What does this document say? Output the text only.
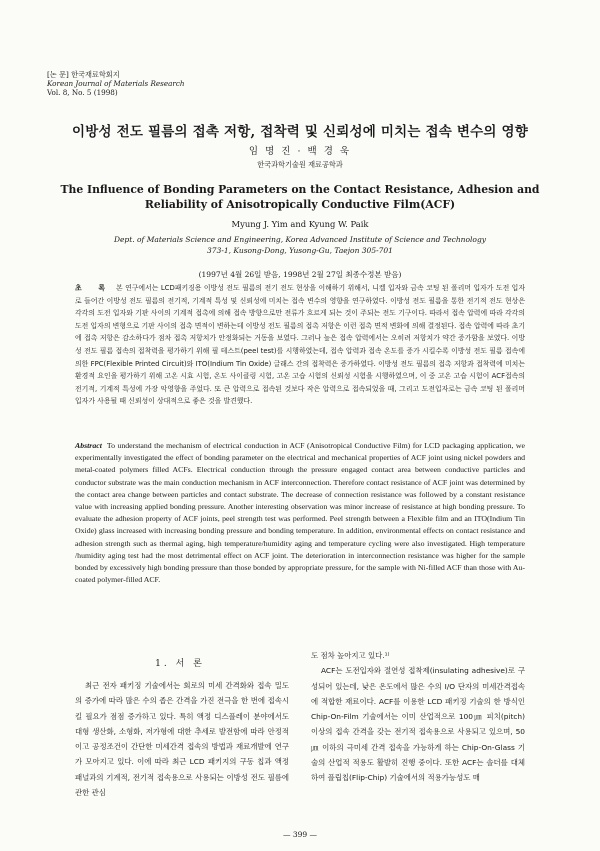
[논 문] 한국재료학회지
Korean Journal of Materials Research
Vol. 8, No. 5 (1998)
이방성 전도 필름의 접촉 저항, 접착력 및 신뢰성에 미치는 접속 변수의 영향
임 명 진 · 백 경 욱
한국과학기술원 재료공학과
The Influence of Bonding Parameters on the Contact Resistance, Adhesion and Reliability of Anisotropically Conductive Film(ACF)
Myung J. Yim and Kyung W. Paik
Dept. of Materials Science and Engineering, Korea Advanced Institute of Science and Technology
373-1, Kusong-Dong, Yusong-Gu, Taejon 305-701
(1997년 4월 26일 받음, 1998년 2월 27일 최종수정본 받음)
초 록 본 연구에서는 LCD패키징용 이방성 전도 필름의 전기 전도 현상을 이해하기 위해서, 니켈 입자와 금속 코팅 된 폴리머 입자가 도전 입자로 들어간 이방성 전도 필름의 전기적, 기계적 특성 및 신뢰성에 미치는 접속 변수의 영향을 연구하였다. 이방성 전도 필름을 통한 전기적 전도 현상은 각각의 도전 입자와 기판 사이의 기계적 접촉에 의해 접속 방향으로만 전류가 흐르게 되는 것이 주되는 전도 기구이다. 따라서 접속 압력에 따라 각각의 도전 입자의 변형으로 기판 사이의 접촉 면적이 변하는데 이방성 전도 필름의 접촉 저항은 이런 접촉 면적 변화에 의해 결정된다. 접속 압력에 따라 초기에 접촉 저항은 감소하다가 점차 접촉 저항치가 안정화되는 거동을 보였다. 그러나 높은 접속 압력에서는 오히려 저항치가 약간 증가함을 보였다. 이방성 전도 필름 접속의 접착력을 평가하기 위해 필 테스트(peel test)를 시행하였는데, 접속 압력과 접속 온도를 증가 시킬수록 이방성 전도 필름 접속에 의한 FPC(Flexible Printed Circuit)와 ITO(Indium Tin Oxide) 글래스 간의 접착력은 증가하였다. 이방성 전도 필름의 접촉 저항과 접착력에 미치는 환경적 요인을 평가하기 위해 고온 시효 시험, 온도 사이클링 시험, 고온 고습 시험의 신뢰성 시험을 시행하였으며, 이 중 고온 고습 시험이 ACF접속의 전기적, 기계적 특성에 가장 악영향을 주었다. 또 큰 압력으로 접속된 것보다 작은 압력으로 접속되었을 때, 그리고 도전입자로는 금속 코팅 된 폴리머 입자가 사용될 때 신뢰성이 상대적으로 좋은 것을 발견했다.
Abstract To understand the mechanism of electrical conduction in ACF (Anisotropical Conductive Film) for LCD packaging application, we experimentally investigated the effect of bonding parameter on the electrical and mechanical properties of ACF joint using nickel powders and metal-coated polymers filled ACFs. Electrical conduction through the pressure engaged contact area between conductive particles and conductor substrate was the main conduction mechanism in ACF interconnection. Therefore contact resistance of ACF joint was determined by the contact area change between particles and contact substrate. The decrease of connection resistance was followed by a constant resistance value with increasing applied bonding pressure. Another interesting observation was minor increase of resistance at high bonding pressure. To evaluate the adhesion property of ACF joints, peel strength test was performed. Peel strength between a Flexible film and an ITO(Indium Tin Oxide) glass increased with increasing bonding pressure and bonding temperature. In addition, environmental effects on contact resistance and adhesion strength such as thermal aging, high temperature/humidity aging and temperature cycling were also investigated. High temperature /humidity aging test had the most detrimental effect on ACF joint. The deterioration in interconnection resistance was higher for the sample bonded by excessively high bonding pressure than those bonded by appropriate pressure, for the sample with Ni-filled ACF than those with Au-coated polymer-filled ACF.
1. 서 론
최근 전자 패키징 기술에서는 회로의 미세 간격화와 접속 밀도의 증가에 따라 많은 수의 좁은 간격을 가진 전극을 한 번에 접속시킬 필요가 점점 증가하고 있다. 특히 액정 디스플레이 분야에서도 대형 생산화, 소형화, 저가형에 대한 추세로 발전함에 따라 안정적이고 공정조건이 간단한 미세간격 접속의 방법과 재료개발에 연구가 모아지고 있다. 이에 따라 최근 LCD 패키지의 구동 칩과 액정 패널과의 기계적, 전기적 접속용으로 사용되는 이방성 전도 필름에 관한 관심
도 점차 높아지고 있다.¹⁾
ACF는 도전입자와 절연성 접착제(insulating adhesive)로 구성되어 있는데, 낮은 온도에서 많은 수의 I/O 단자의 미세간격접속에 적합한 재료이다. ACF를 이용한 LCD 패키징 기술의 한 방식인 Chip-On-Film 기술에서는 이미 산업적으로 100㎛ 피치(pitch) 이상의 접속 간격을 갖는 전기적 접속용으로 사용되고 있으며, 50㎛ 이하의 극미세 간격 접속을 가능하게 하는 Chip-On-Glass 기술의 산업적 적용도 활발히 진행 중이다. 또한 ACF는 솔더를 대체하여 플립칩(Flip-Chip) 기술에서의 적용가능성도 매
— 399 —
